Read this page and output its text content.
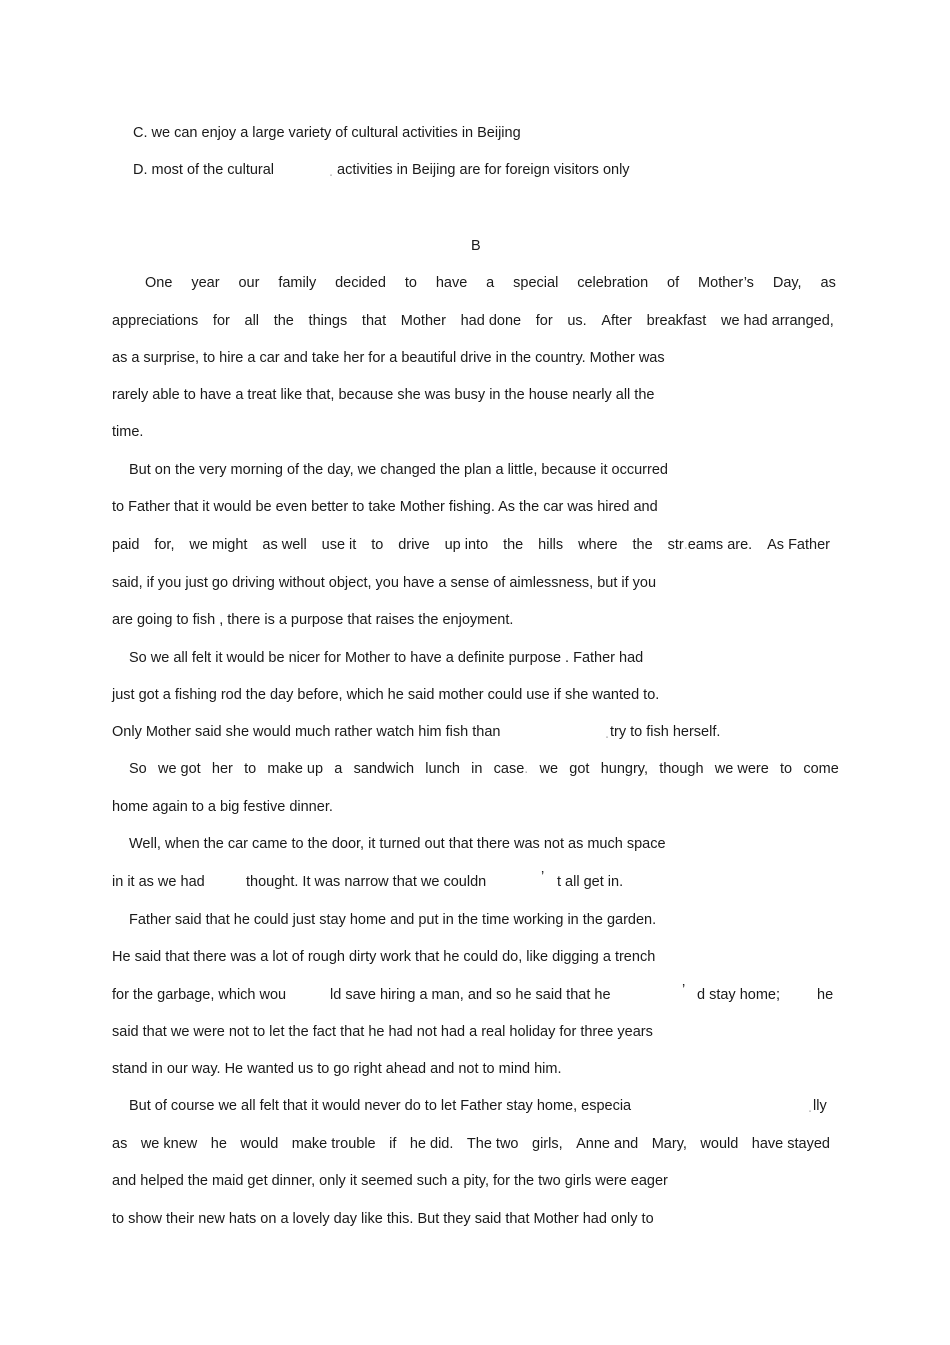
C. we can enjoy a large variety of cultural activities in Beijing

D. most of the cultural	. activities in Beijing are for foreign visitors only

B

One year our family decided to have a special celebration of Mother’s Day, as
appreciations for all the things that Mother had done for us. After breakfast we had arranged,

as a surprise, to hire a car and take her for a beautiful drive in the country. Mother was

rarely able to have a treat like that, because she was busy in the house nearly all the

time.

But on the very morning of the day, we changed the plan a little, because it occurred

to Father that it would be even better to take Mother fishing. As the car was hired and

paid for, we might as well use it to drive up into the hills where the str.eams are. As Father

said, if you just go driving without object, you have a sense of aimlessness, but if you

are going to fish , there is a purpose that raises the enjoyment.

So we all felt it would be nicer for Mother to have a definite purpose . Father had

just got a fishing rod the day before, which he said mother could use if she wanted to.

Only Mother said she would much rather watch him fish than	. try to fish herself.

So we got her to make up a sandwich lunch in case. we got hungry, though we were to come

home again to a big festive dinner.

Well, when the car came to the door, it turned out that there was not as much space

in it as we had	thought. It was narrow that we couldn	’ t all get in.

Father said that he could just stay home and put in the time working in the garden.

He said that there was a lot of rough dirty work that he could do, like digging a trench

for the garbage, which wou	ld save hiring a man, and so he said that he	’ d stay home;	he

said that we were not to let the fact that he had not had a real holiday for three years

stand in our way. He wanted us to go right ahead and not to mind him.

But of course we all felt that it would never do to let Father stay home, especia	. lly

as we knew he would make trouble if he did. The two girls, Anne and Mary, would have stayed

and helped the maid get dinner, only it seemed such a pity, for the two girls were eager

to show their new hats on a lovely day like this. But they said that Mother had only to
